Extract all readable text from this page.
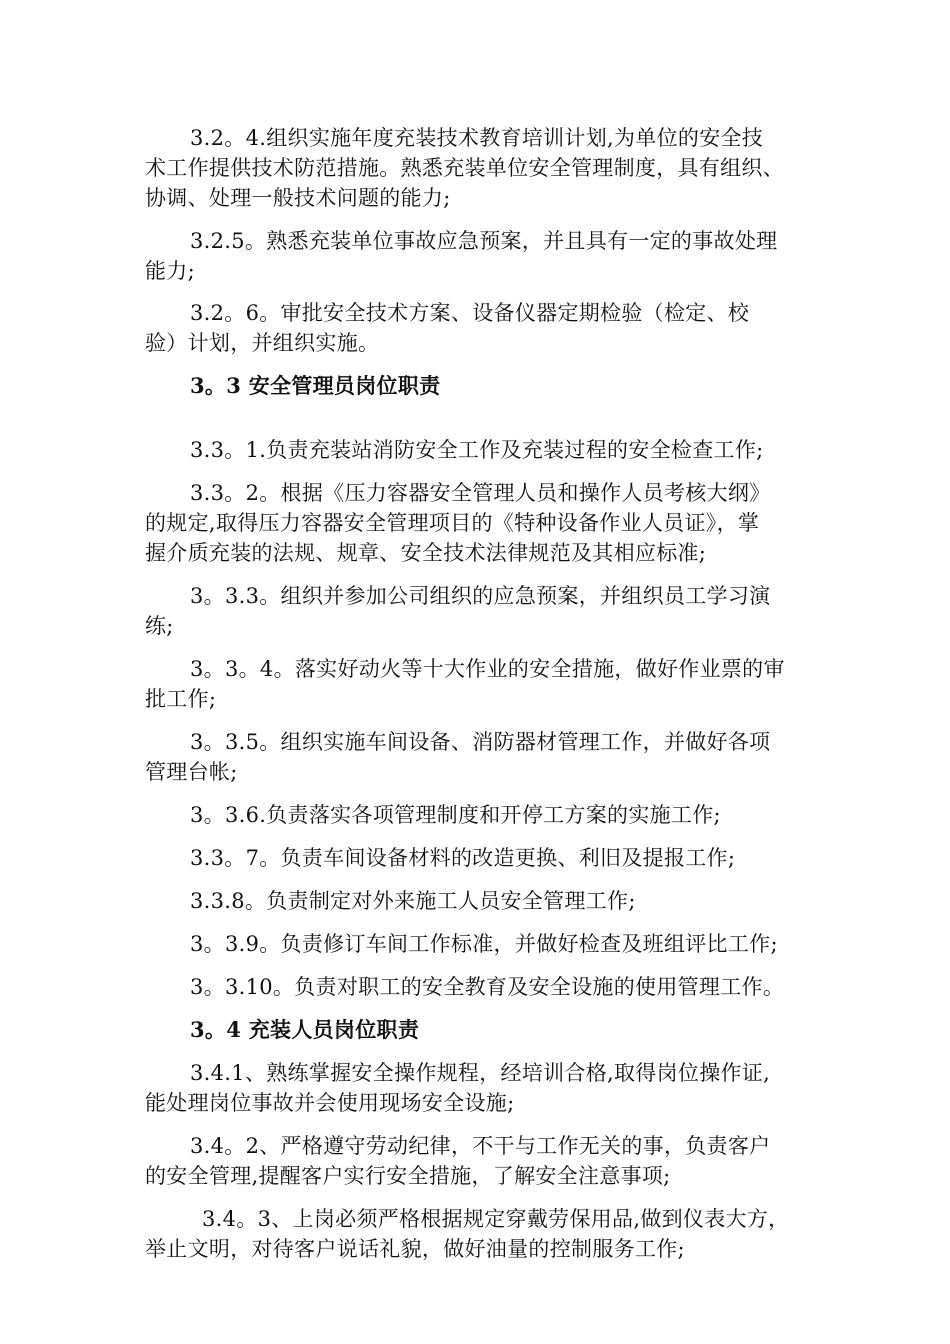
3.2。4.组织实施年度充装技术教育培训计划,为单位的安全技
术工作提供技术防范措施。熟悉充装单位安全管理制度，具有组织、
协调、处理一般技术问题的能力;
3.2.5。熟悉充装单位事故应急预案，并且具有一定的事故处理
能力;
3.2。6。审批安全技术方案、设备仪器定期检验（检定、校
验）计划，并组织实施。
3。3 安全管理员岗位职责
3.3。1.负责充装站消防安全工作及充装过程的安全检查工作;
3.3。2。根据《压力容器安全管理人员和操作人员考核大纲》
的规定,取得压力容器安全管理项目的《特种设备作业人员证》，掌
握介质充装的法规、规章、安全技术法律规范及其相应标准;
3。3.3。组织并参加公司组织的应急预案，并组织员工学习演
练;
3。3。4。落实好动火等十大作业的安全措施，做好作业票的审
批工作;
3。3.5。组织实施车间设备、消防器材管理工作，并做好各项
管理台帐;
3。3.6.负责落实各项管理制度和开停工方案的实施工作;
3.3。7。负责车间设备材料的改造更换、利旧及提报工作;
3.3.8。负责制定对外来施工人员安全管理工作;
3。3.9。负责修订车间工作标准，并做好检查及班组评比工作;
3。3.10。负责对职工的安全教育及安全设施的使用管理工作。
3。4 充装人员岗位职责
3.4.1、熟练掌握安全操作规程，经培训合格,取得岗位操作证,
能处理岗位事故并会使用现场安全设施;
3.4。2、严格遵守劳动纪律，不干与工作无关的事，负责客户
的安全管理,提醒客户实行安全措施，了解安全注意事项;
3.4。3、上岗必须严格根据规定穿戴劳保用品,做到仪表大方，
举止文明，对待客户说话礼貌，做好油量的控制服务工作;
